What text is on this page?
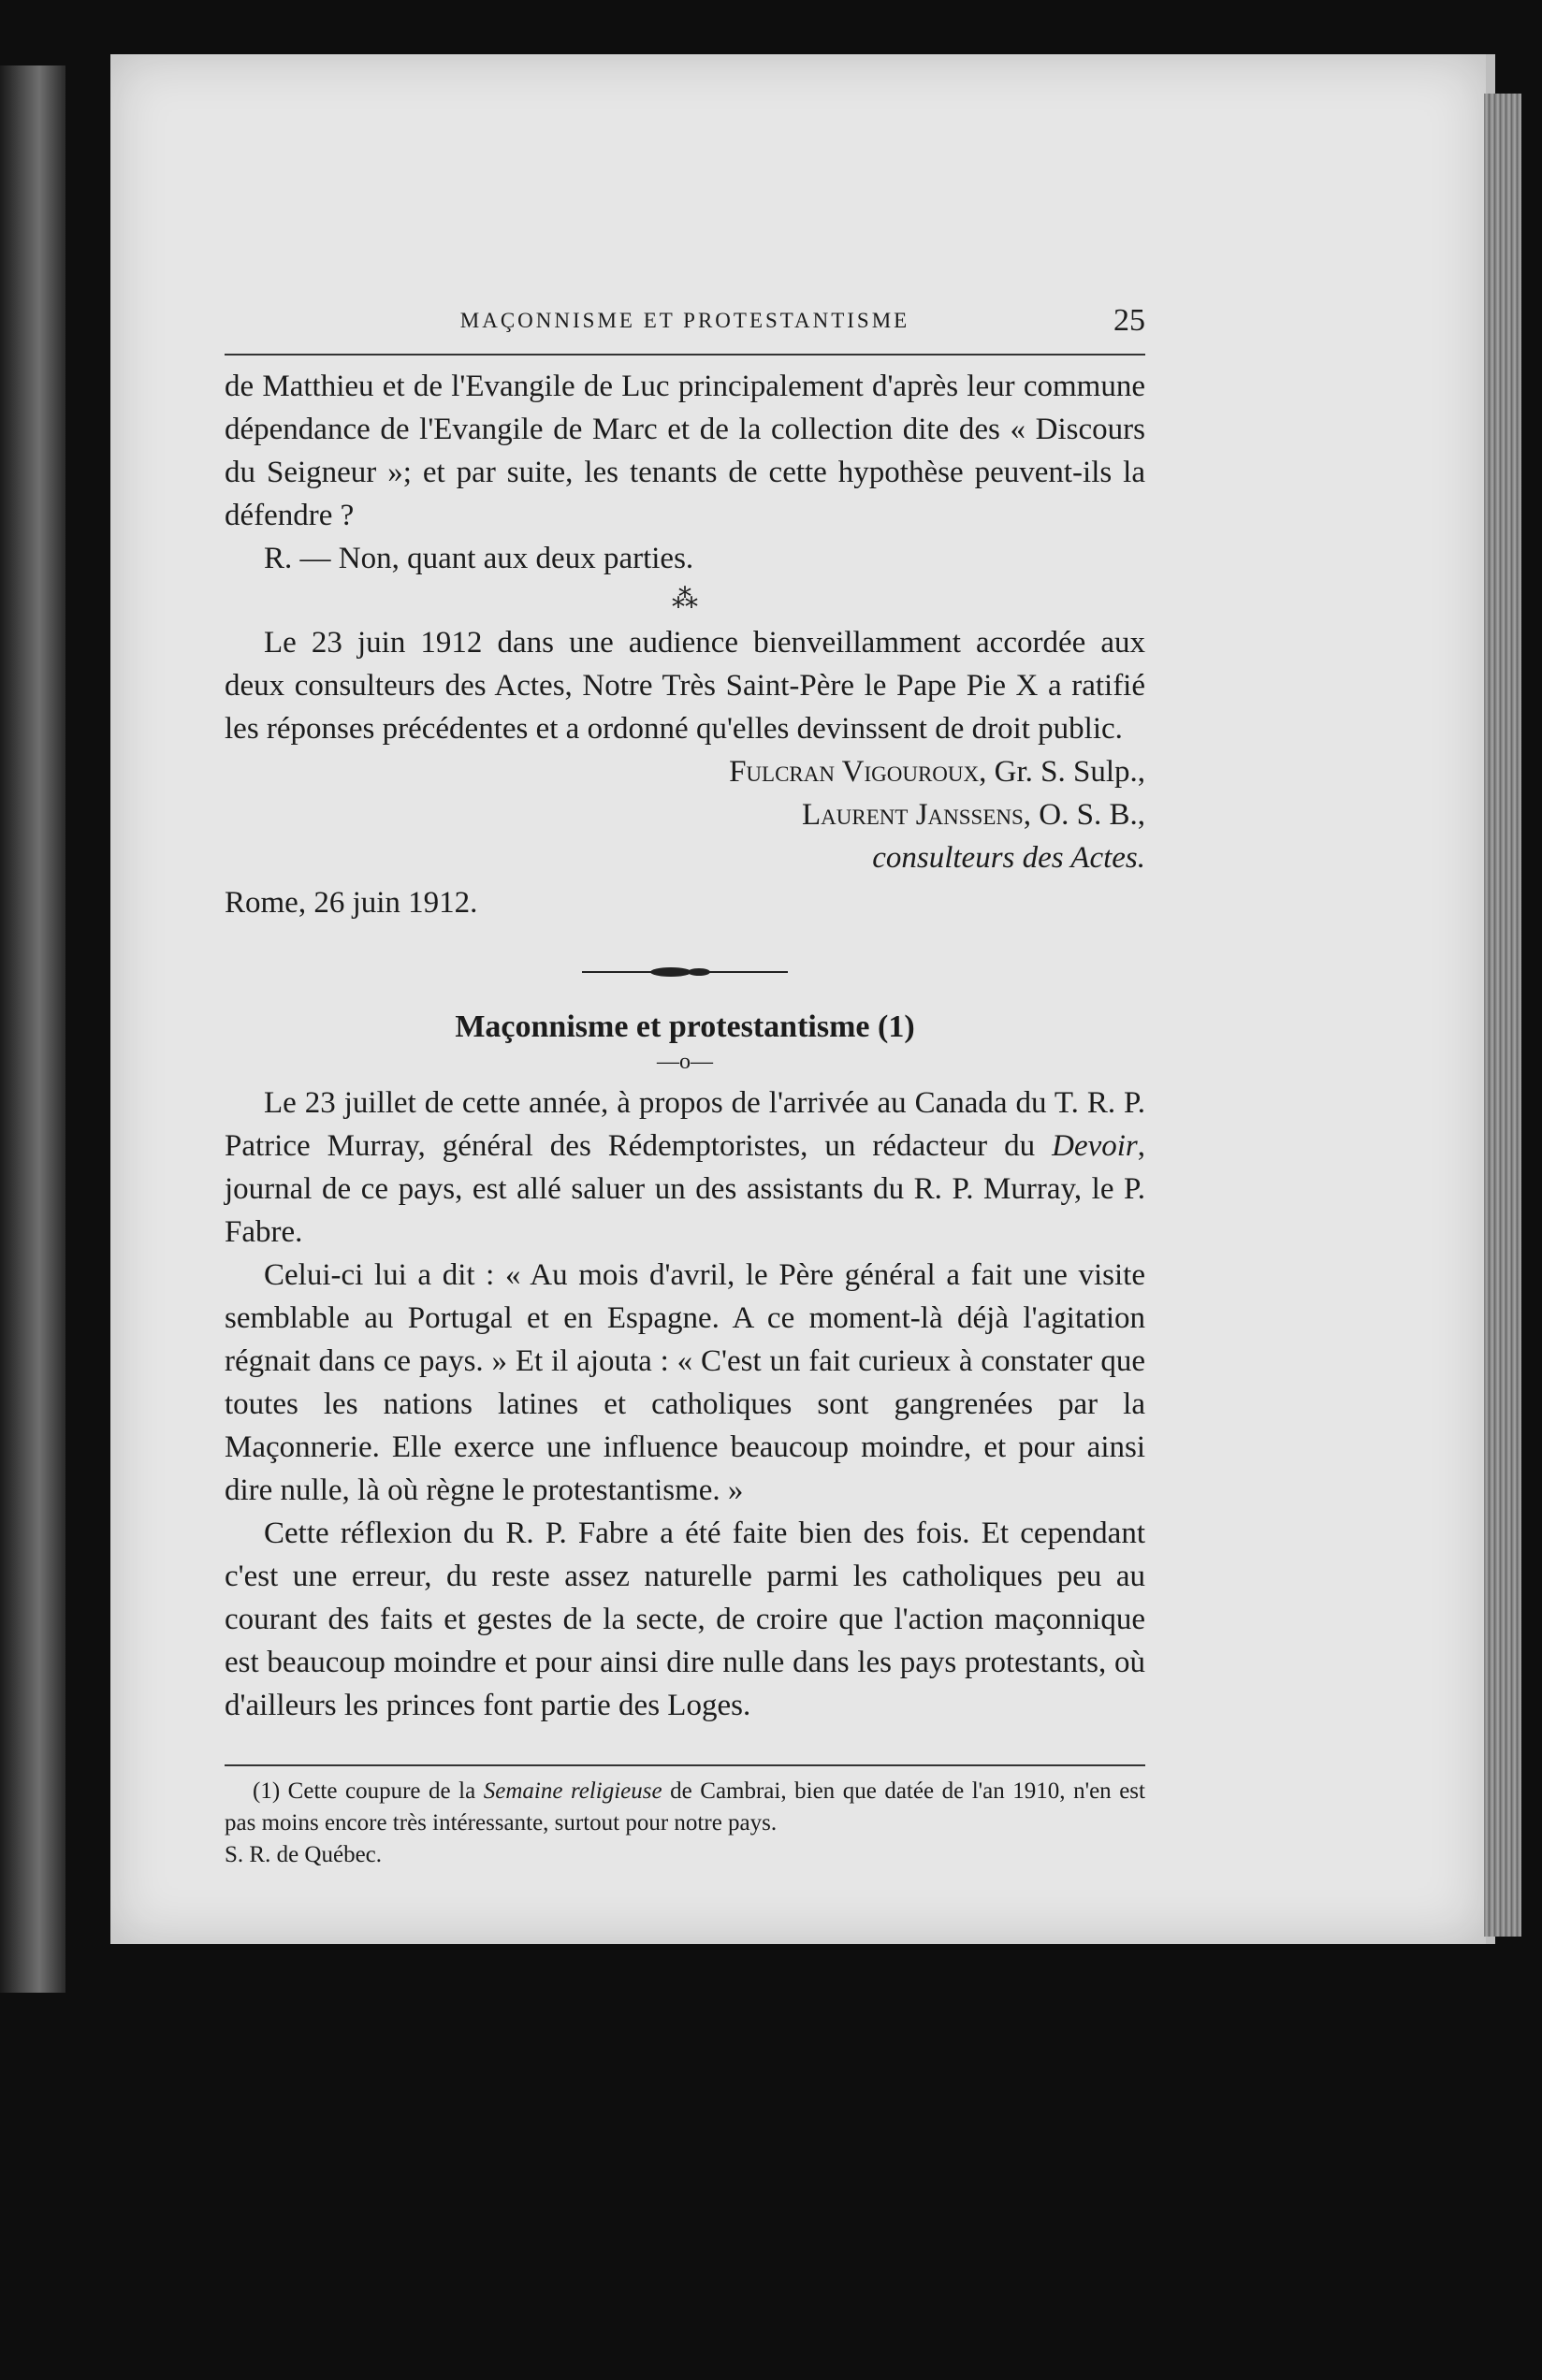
MAÇONNISME ET PROTESTANTISME	25

de Matthieu et de l'Evangile de Luc principalement d'après leur commune dépendance de l'Evangile de Marc et de la collection dite des « Discours du Seigneur »; et par suite, les tenants de cette hypothèse peuvent-ils la défendre ?

R. — Non, quant aux deux parties.

⁂

Le 23 juin 1912 dans une audience bienveillamment accordée aux deux consulteurs des Actes, Notre Très Saint-Père le Pape Pie X a ratifié les réponses précédentes et a ordonné qu'elles devinssent de droit public.

Fulcran Vigouroux, Gr. S. Sulp.,
Laurent Janssens, O. S. B.,
consulteurs des Actes.
Rome, 26 juin 1912.
Maçonnisme et protestantisme (1)
—o—

Le 23 juillet de cette année, à propos de l'arrivée au Canada du T. R. P. Patrice Murray, général des Rédemptoristes, un rédacteur du Devoir, journal de ce pays, est allé saluer un des assistants du R. P. Murray, le P. Fabre.

Celui-ci lui a dit : « Au mois d'avril, le Père général a fait une visite semblable au Portugal et en Espagne. A ce moment-là déjà l'agitation régnait dans ce pays. » Et il ajouta : « C'est un fait curieux à constater que toutes les nations latines et catholiques sont gangrenées par la Maçonnerie. Elle exerce une influence beaucoup moindre, et pour ainsi dire nulle, là où règne le protestantisme. »

Cette réflexion du R. P. Fabre a été faite bien des fois. Et cependant c'est une erreur, du reste assez naturelle parmi les catholiques peu au courant des faits et gestes de la secte, de croire que l'action maçonnique est beaucoup moindre et pour ainsi dire nulle dans les pays protestants, où d'ailleurs les princes font partie des Loges.

(1) Cette coupure de la Semaine religieuse de Cambrai, bien que datée de l'an 1910, n'en est pas moins encore très intéressante, surtout pour notre pays.

S. R. de Québec.
